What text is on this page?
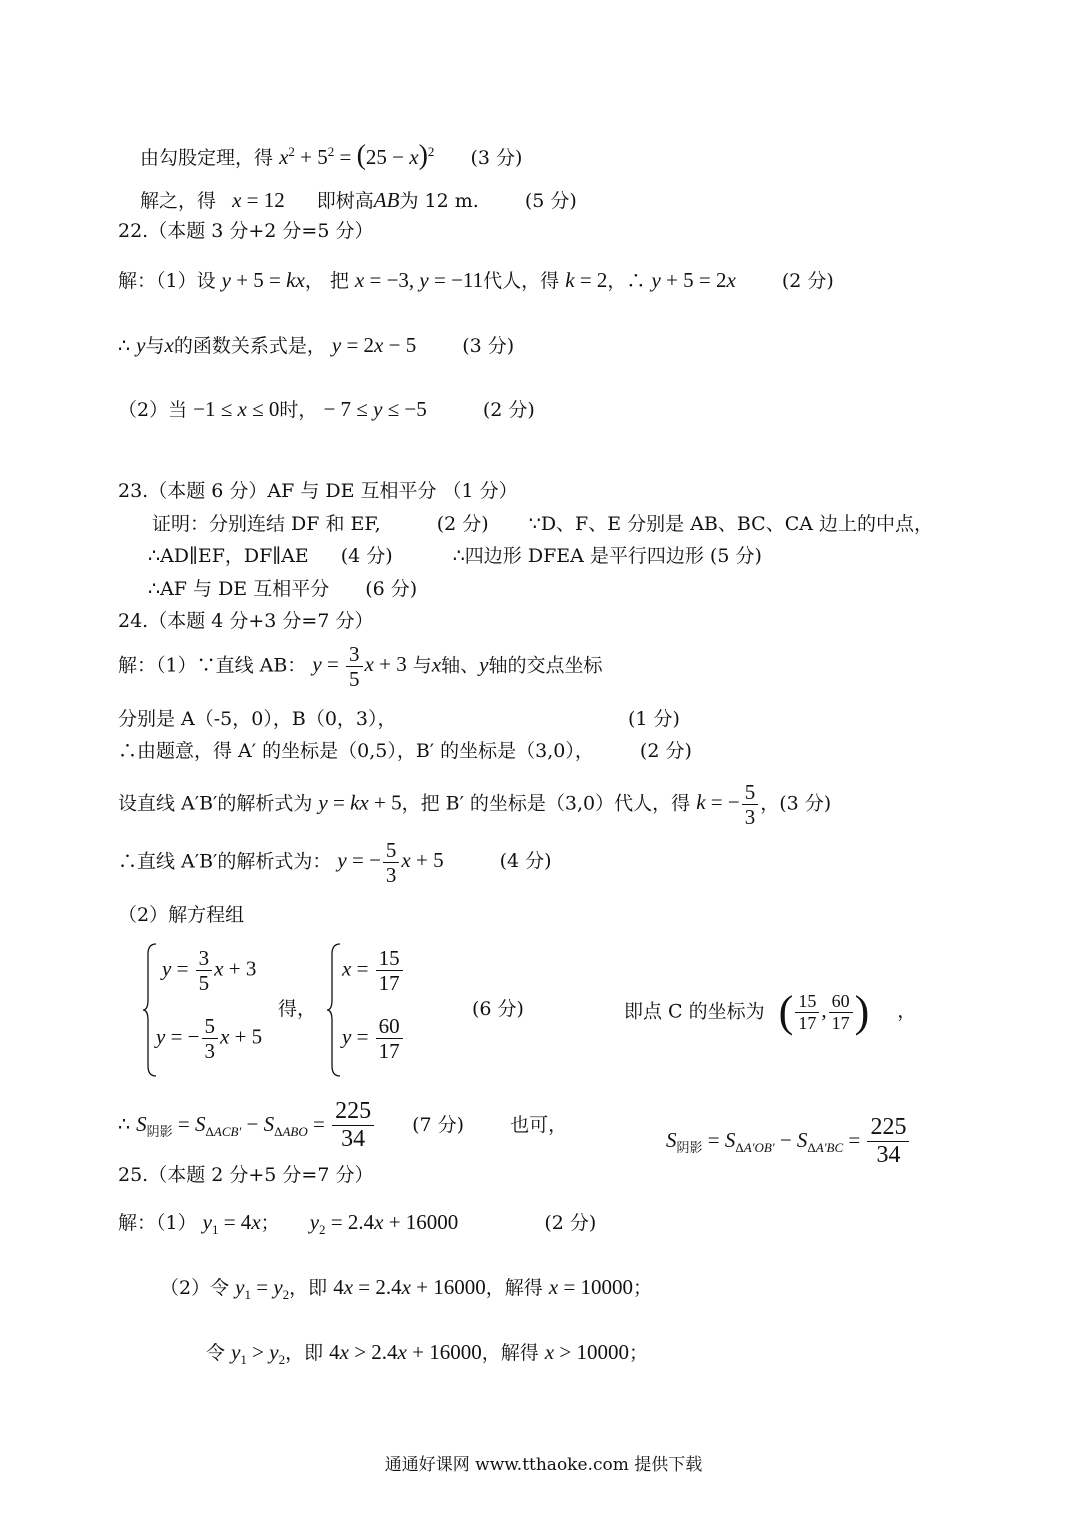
由勾股定理，得 $x^2 + 5^2 = (25 - x)^2$ (3 分)
解之，得 x = 12 即树高AB为 12 m. (5 分)
22.（本题 3 分+2 分=5 分）
解：（1）设 y + 5 = kx， 把 x = −3, y = −11代人，得 k = 2，∴ y + 5 = 2x (2 分)
∴ y与x的函数关系式是， y = 2x − 5 (3 分)
（2）当 −1 ≤ x ≤ 0时， − 7 ≤ y ≤ −5	(2 分)
23.（本题 6 分）AF 与 DE 互相平分 （1 分）
证明：分别连结 DF 和 EF,	(2 分) ∵D、F、E 分别是 AB、BC、CA 边上的中点，
∴AD∥EF，DF∥AE (4 分)	∴四边形 DFEA 是平行四边形 (5 分)
∴AF 与 DE 互相平分 (6 分)
24.（本题 4 分+3 分=7 分）
解：（1）∵直线 AB： $y = \frac{3}{5}$ x + 3 与x轴、y轴的交点坐标
分别是 A（-5，0），B（0，3），	(1 分)
∴由题意，得 A′ 的坐标是（0,5），B′ 的坐标是（3,0）， (2 分)
设直线 A′B′的解析式为 y = kx + 5，把 B′ 的坐标是（3,0）代人，得 k = − $\frac{5}{3}$ ，(3 分)
∴直线 A′B′的解析式为： y = − $\frac{5}{3}$ x + 5	(4 分)
（2）解方程组
$y = \frac{3}{5}$ x + 3
y = − $\frac{5}{3}$ x + 5
得，
$x = \frac{15}{17}$
$y = \frac{60}{17}$
(6 分)	即点 C 的坐标为 ( $\frac{15}{17}$ , $\frac{60}{17}$ ) ，
∴ $S_{阴影} = S_{\Delta ACB'} - S_{\Delta ABO} = \frac{225}{34} (7$ 分) 也可，
$S_{阴影} = S_{\Delta A'OB'} - S_{\Delta A'BC} = \frac{225}{34}$
25.（本题 2 分+5 分=7 分）
解：（1） $y_1 = 4x$； $y_2 = 2.4x + 16000$	(2 分)
（2）令 $y_1 = y_2$，即 4x = 2.4x + 16000，解得 x = 10000；
令 $y_1 > y_2$，即 4x > 2.4x + 16000，解得 x > 10000；
通通好课网 www.tthaoke.com 提供下载
